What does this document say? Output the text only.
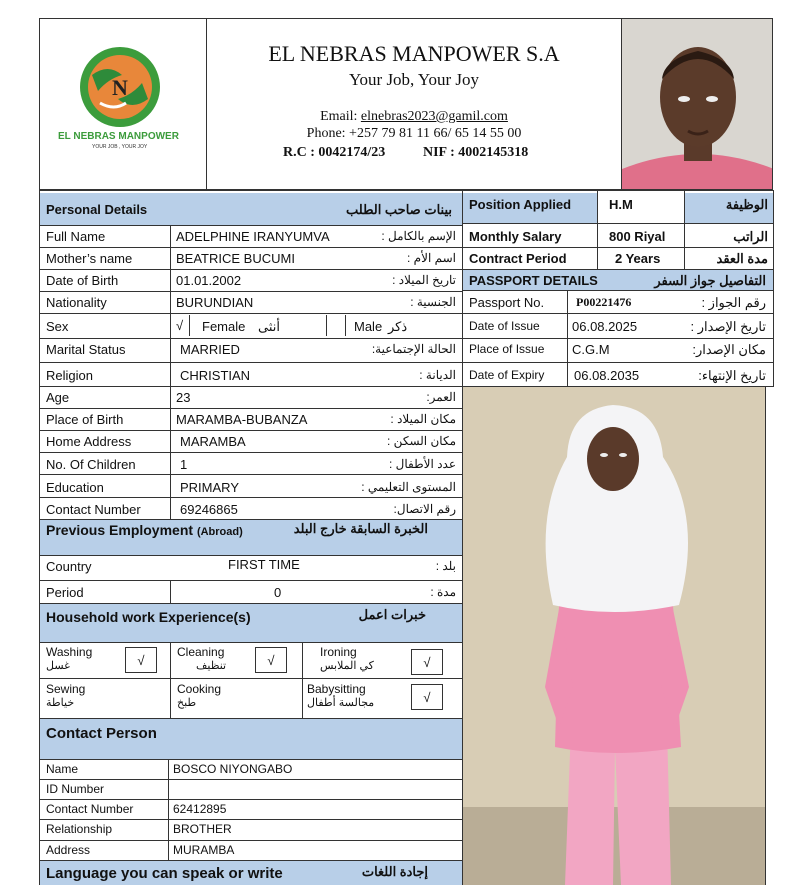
N
EL NEBRAS MANPOWER
YOUR JOB , YOUR JOY
EL NEBRAS MANPOWER S.A
Your Job, Your Joy
Email: elnebras2023@gamil.com
Phone: +257 79 81 11 66/ 65 14 55 00
R.C : 0042174/23	NIF : 4002145318
Personal Details	بينات صاحب الطلب
Full Name	ADELPHINE IRANYUMVA	الإسم بالكامل :
Mother’s name	BEATRICE BUCUMI	اسم الأم :
Date of Birth	01.01.2002	تاريخ الميلاد :
Nationality	BURUNDIAN	الجنسية :
Marital Status	MARRIED	الحالة الإجتماعية:
Religion	CHRISTIAN	الديانة :
Age	23	العمر:
Place of Birth	MARAMBA-BUBANZA	مكان الميلاد :
Home Address	MARAMBA	مكان السكن :
No. Of Children	1	عدد الأطفال :
Education	PRIMARY	المستوى التعليمي :
Contact Number	69246865	رقم الاتصال:
Sex	√ Female أنثى	Male ذكر
Position Applied	H.M	الوظيفة
Monthly Salary	800 Riyal	الراتب
Contract Period	2 Years	مدة العقد
PASSPORT DETAILS	التفاصيل جواز السفر
Passport No.	P00221476	رقم الجواز :
Date of Issue 06.08.2025	تاريخ الإصدار :
Place of Issue C.G.M	مكان الإصدار:
Date of Expiry 06.08.2035	تاريخ الإنتهاء:
Previous Employment (Abroad)	الخبرة السابقة خارج البلد
Country	FIRST TIME	بلد :
Period	0	مدة :
Household work Experience(s)	خبرات اعمل
Washing
غسل	√
Cleaning
تنظيف	√
Ironing
كي الملابس	√
Sewing
خياطة
Cooking
طبخ
Babysitting
مجالسة أطفال	√
Contact Person
Name	BOSCO NIYONGABO
ID Number
Contact Number	62412895
Relationship	BROTHER
Address	MURAMBA
Language you can speak or write	إجادة اللغات
